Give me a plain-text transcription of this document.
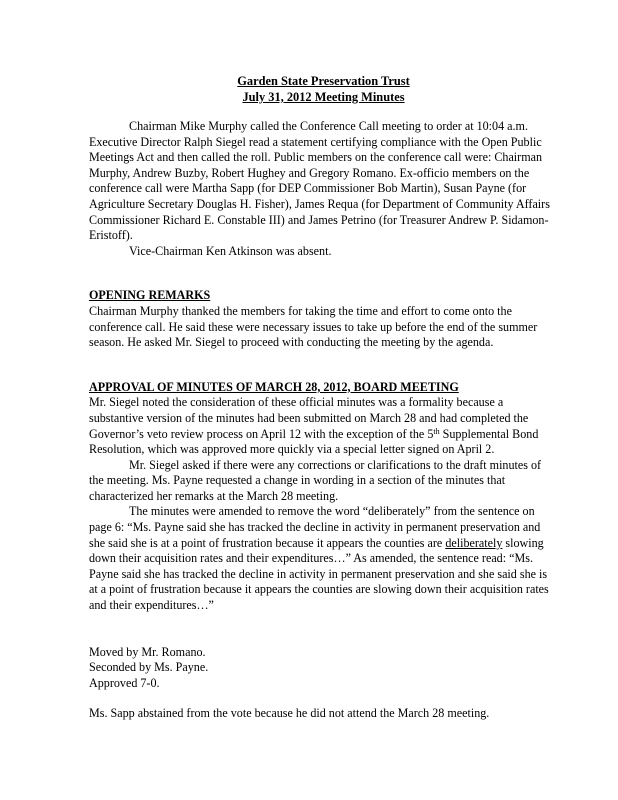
Garden State Preservation Trust
July 31, 2012 Meeting Minutes

Chairman Mike Murphy called the Conference Call meeting to order at 10:04 a.m. Executive Director Ralph Siegel read a statement certifying compliance with the Open Public Meetings Act and then called the roll. Public members on the conference call were: Chairman Murphy, Andrew Buzby, Robert Hughey and Gregory Romano. Ex-officio members on the conference call were Martha Sapp (for DEP Commissioner Bob Martin), Susan Payne (for Agriculture Secretary Douglas H. Fisher), James Requa (for Department of Community Affairs Commissioner Richard E. Constable III) and James Petrino (for Treasurer Andrew P. Sidamon-Eristoff).

Vice-Chairman Ken Atkinson was absent.

OPENING REMARKS

Chairman Murphy thanked the members for taking the time and effort to come onto the conference call. He said these were necessary issues to take up before the end of the summer season. He asked Mr. Siegel to proceed with conducting the meeting by the agenda.

APPROVAL OF MINUTES OF MARCH 28, 2012, BOARD MEETING

Mr. Siegel noted the consideration of these official minutes was a formality because a substantive version of the minutes had been submitted on March 28 and had completed the Governor’s veto review process on April 12 with the exception of the 5th Supplemental Bond Resolution, which was approved more quickly via a special letter signed on April 2.

Mr. Siegel asked if there were any corrections or clarifications to the draft minutes of the meeting. Ms. Payne requested a change in wording in a section of the minutes that characterized her remarks at the March 28 meeting.

The minutes were amended to remove the word “deliberately” from the sentence on page 6: “Ms. Payne said she has tracked the decline in activity in permanent preservation and she said she is at a point of frustration because it appears the counties are deliberately slowing down their acquisition rates and their expenditures…” As amended, the sentence read: “Ms. Payne said she has tracked the decline in activity in permanent preservation and she said she is at a point of frustration because it appears the counties are slowing down their acquisition rates and their expenditures…”

Moved by Mr. Romano.

Seconded by Ms. Payne.

Approved 7-0.

Ms. Sapp abstained from the vote because he did not attend the March 28 meeting.
